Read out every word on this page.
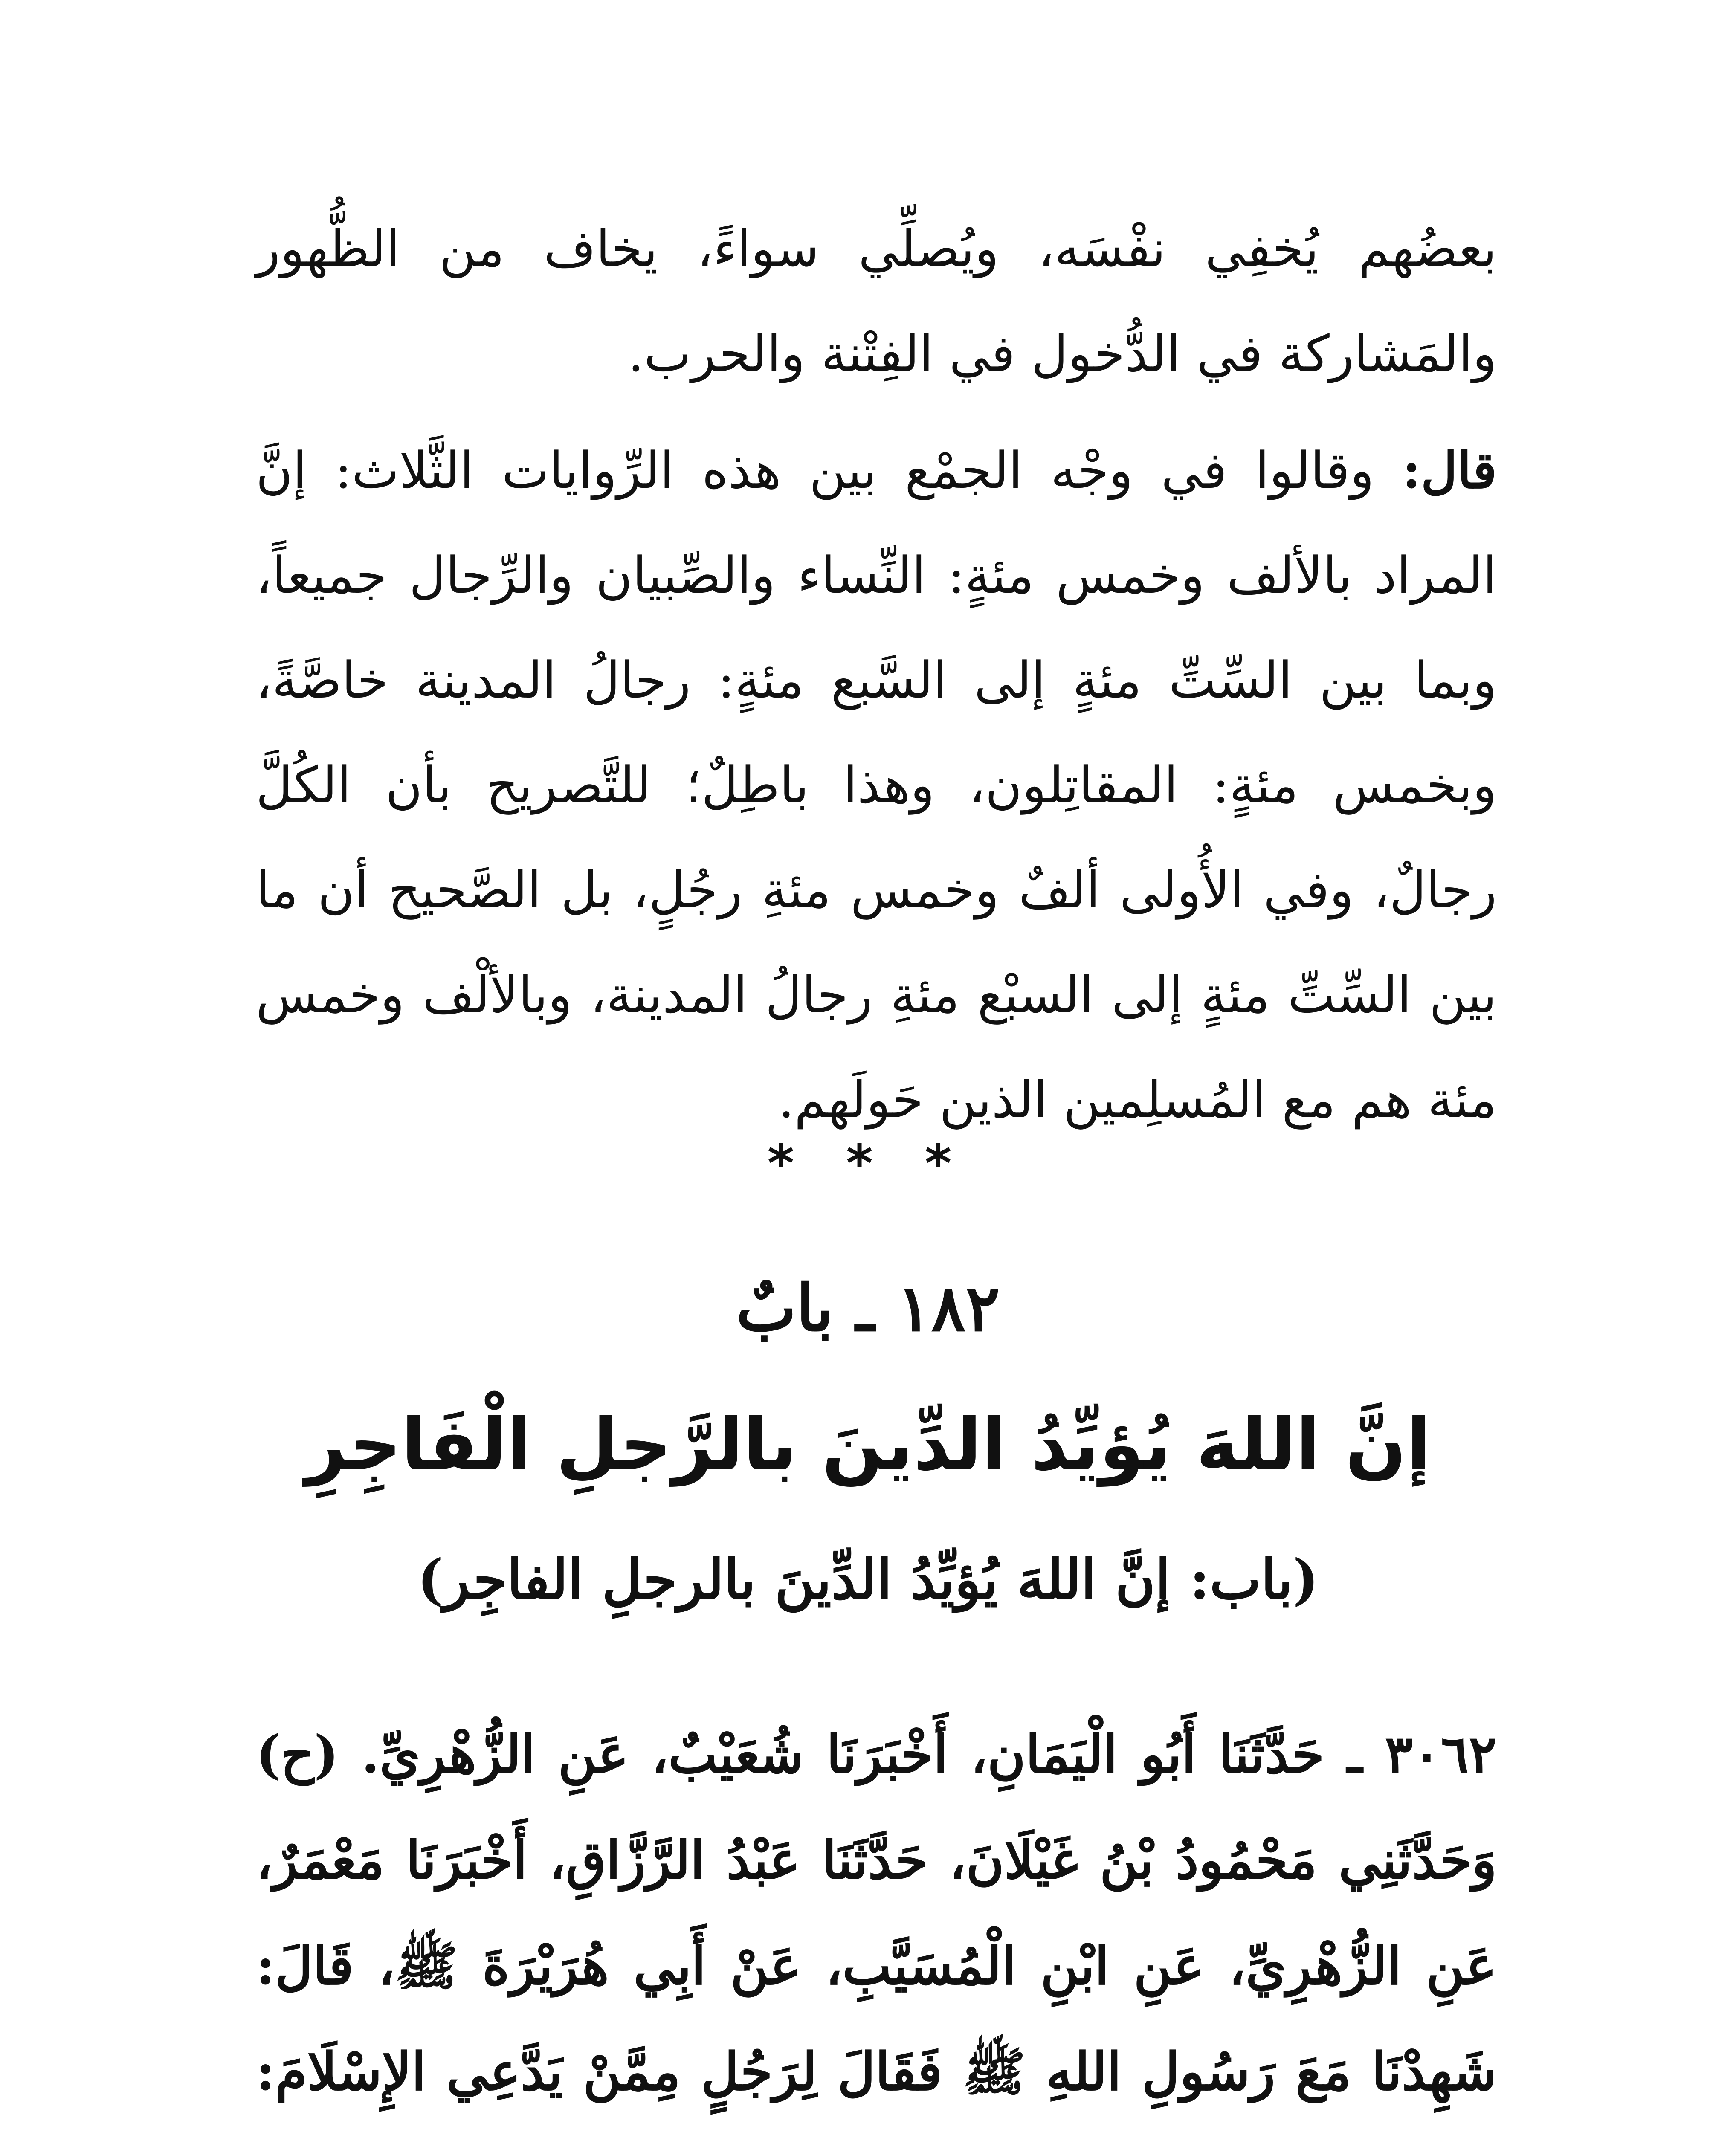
بعضُهم يُخفِي نفْسَه، ويُصلِّي سواءً، يخاف من الظُّهور والمَشاركة في الدُّخول في الفِتْنة والحرب.
قال: وقالوا في وجْه الجمْع بين هذه الرِّوايات الثَّلاث: إنَّ المراد بالألف وخمس مئةٍ: النِّساء والصِّبيان والرِّجال جميعاً، وبما بين السِّتِّ مئةٍ إلى السَّبع مئةٍ: رجالُ المدينة خاصَّةً، وبخمس مئةٍ: المقاتِلون، وهذا باطِلٌ؛ للتَّصريح بأن الكُلَّ رجالٌ، وفي الأُولى ألفٌ وخمس مئةِ رجُلٍ، بل الصَّحيح أن ما بين السِّتِّ مئةٍ إلى السبْع مئةِ رجالُ المدينة، وبالألْف وخمس مئة هم مع المُسلِمين الذين حَولَهم.
* * *
١٨٢ ـ بابٌ
إنَّ اللهَ يُؤيِّدُ الدِّينَ بالرَّجلِ الْفَاجِرِ
(باب: إنَّ اللهَ يُؤيِّدُ الدِّينَ بالرجلِ الفاجِر)

٣٠٦٢ ـ حَدَّثَنَا أَبُو الْيَمَانِ، أَخْبَرَنَا شُعَيْبٌ، عَنِ الزُّهْرِيِّ. (ح) وَحَدَّثَنِي مَحْمُودُ بْنُ غَيْلَانَ، حَدَّثَنَا عَبْدُ الرَّزَّاقِ، أَخْبَرَنَا مَعْمَرٌ، عَنِ الزُّهْرِيِّ، عَنِ ابْنِ الْمُسَيَّبِ، عَنْ أَبِي هُرَيْرَةَ ﷺ، قَالَ: شَهِدْنَا مَعَ رَسُولِ اللهِ ﷺ فَقَالَ لِرَجُلٍ مِمَّنْ يَدَّعِي الإِسْلَامَ:
